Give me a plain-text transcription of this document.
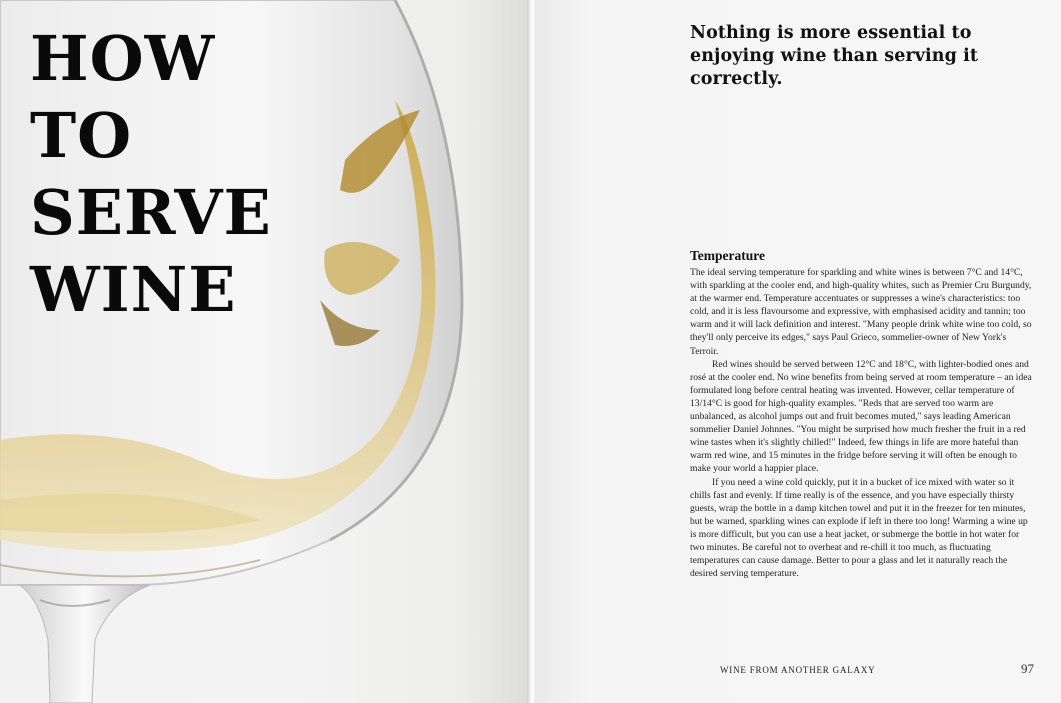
HOW
TO
SERVE
WINE

Nothing is more essential to enjoying wine than serving it correctly.

Temperature

The ideal serving temperature for sparkling and white wines is between 7°C and 14°C, with sparkling at the cooler end, and high-quality whites, such as Premier Cru Burgundy, at the warmer end. Temperature accentuates or suppresses a wine's characteristics: too cold, and it is less flavoursome and expressive, with emphasised acidity and tannin; too warm and it will lack definition and interest. "Many people drink white wine too cold, so they'll only perceive its edges," says Paul Grieco, sommelier-owner of New York's Terroir.

Red wines should be served between 12°C and 18°C, with lighter-bodied ones and rosé at the cooler end. No wine benefits from being served at room temperature – an idea formulated long before central heating was invented. However, cellar temperature of 13/14°C is good for high-quality examples. "Reds that are served too warm are unbalanced, as alcohol jumps out and fruit becomes muted," says leading American sommelier Daniel Johnnes. "You might be surprised how much fresher the fruit in a red wine tastes when it's slightly chilled!" Indeed, few things in life are more hateful than warm red wine, and 15 minutes in the fridge before serving it will often be enough to make your world a happier place.

If you need a wine cold quickly, put it in a bucket of ice mixed with water so it chills fast and evenly. If time really is of the essence, and you have especially thirsty guests, wrap the bottle in a damp kitchen towel and put it in the freezer for ten minutes, but be warned, sparkling wines can explode if left in there too long! Warming a wine up is more difficult, but you can use a heat jacket, or submerge the bottle in hot water for two minutes. Be careful not to overheat and re-chill it too much, as fluctuating temperatures can cause damage. Better to pour a glass and let it naturally reach the desired serving temperature.

WINE FROM ANOTHER GALAXY	97
